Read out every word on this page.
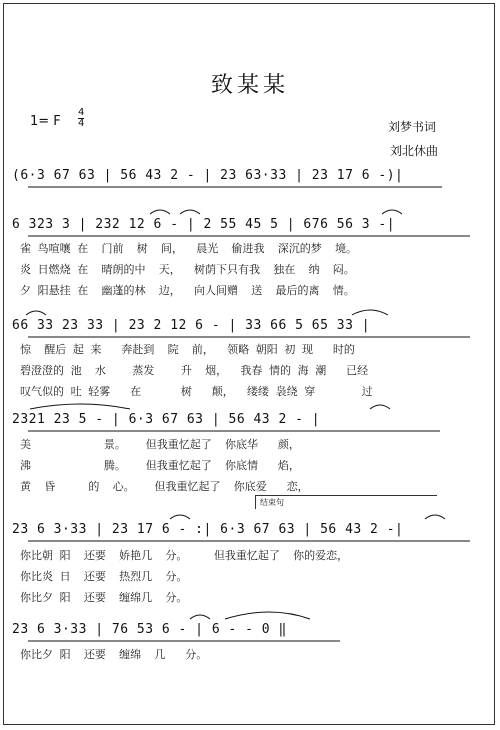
致某某
1= F
4
4	刘梦书词
刘北休曲
(6·3 67 63 | 56 43 2 - | 23 63·33 | 23 17 6 -)|
6 323 3 | 232 12 6 - | 2 55 45 5 | 676 56 3 -|
雀 鸟喧嚷 在  门前  树  间，  晨光  偷进我  深沉的梦  境。
炎 日燃烧 在  晴朗的中  天，  树荫下只有我  独在  纳  闷。
夕 阳悬挂 在  幽蓬的林  边，  向人间赠  送  最后的离  情。
66 33 23 33 | 23 2 12 6 - | 33 66 5 65 33 |
惊  醒后 起 来   奔赴到  院  前，  领略 朝阳 初 现   时的
碧澄澄的 池  水    蒸发    升  烟，  我春 情的 海 潮   已经
叹气似的 吐 轻雾   在      树   颠，  缕缕 袅绕 穿       过
2321 23 5 - | 6·3 67 63 | 56 43 2 - |
美           景。   但我重忆起了  你底华   颜，
沸           腾。   但我重忆起了  你底情   焰，
黄  昏     的  心。   但我重忆起了  你底爱   恋，
结束句
23 6 3·33 | 23 17 6 - :| 6·3 67 63 | 56 43 2 -|
你比朝 阳  还要  娇艳几  分。    但我重忆起了  你的爱恋，
你比炎 日  还要  热烈几  分。
你比夕 阳  还要  缠绵几  分。
23 6 3·33 | 76 53 6 - | 6 - - 0 ‖
你比夕 阳  还要  缠绵  几   分。
